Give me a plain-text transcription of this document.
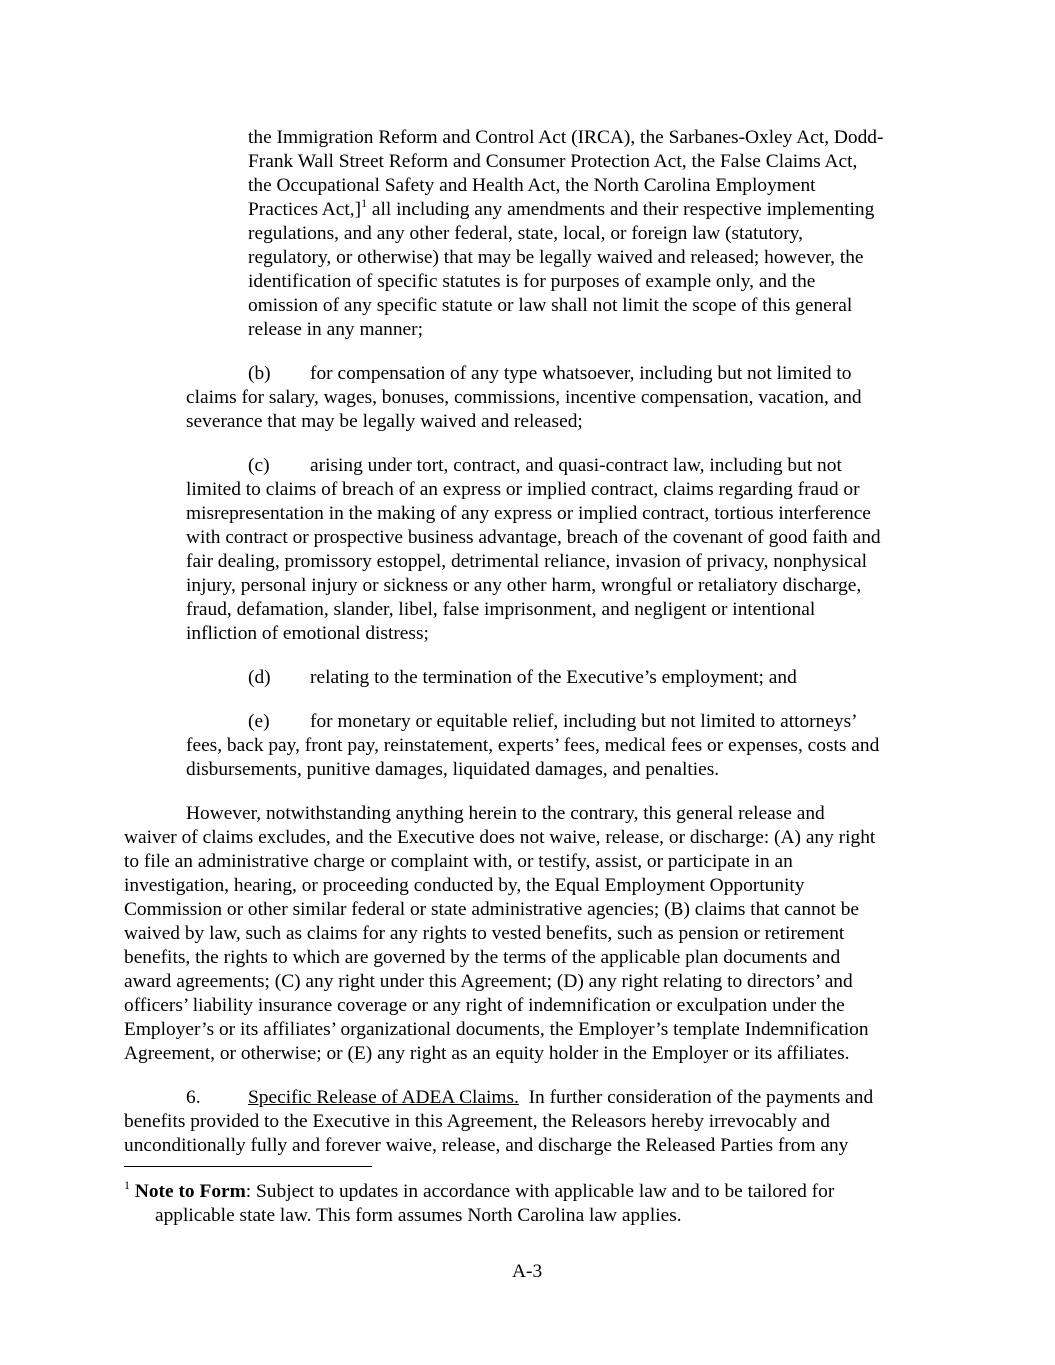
the Immigration Reform and Control Act (IRCA), the Sarbanes-Oxley Act, Dodd-
Frank Wall Street Reform and Consumer Protection Act, the False Claims Act,
the Occupational Safety and Health Act, the North Carolina Employment
Practices Act,]$^1$ all including any amendments and their respective implementing
regulations, and any other federal, state, local, or foreign law (statutory,
regulatory, or otherwise) that may be legally waived and released; however, the
identification of specific statutes is for purposes of example only, and the
omission of any specific statute or law shall not limit the scope of this general
release in any manner;
(b) for compensation of any type whatsoever, including but not limited to
claims for salary, wages, bonuses, commissions, incentive compensation, vacation, and
severance that may be legally waived and released;
(c) arising under tort, contract, and quasi-contract law, including but not
limited to claims of breach of an express or implied contract, claims regarding fraud or
misrepresentation in the making of any express or implied contract, tortious interference
with contract or prospective business advantage, breach of the covenant of good faith and
fair dealing, promissory estoppel, detrimental reliance, invasion of privacy, nonphysical
injury, personal injury or sickness or any other harm, wrongful or retaliatory discharge,
fraud, defamation, slander, libel, false imprisonment, and negligent or intentional
infliction of emotional distress;
(d) relating to the termination of the Executive’s employment; and
(e) for monetary or equitable relief, including but not limited to attorneys’
fees, back pay, front pay, reinstatement, experts’ fees, medical fees or expenses, costs and
disbursements, punitive damages, liquidated damages, and penalties.
However, notwithstanding anything herein to the contrary, this general release and
waiver of claims excludes, and the Executive does not waive, release, or discharge: (A) any right
to file an administrative charge or complaint with, or testify, assist, or participate in an
investigation, hearing, or proceeding conducted by, the Equal Employment Opportunity
Commission or other similar federal or state administrative agencies; (B) claims that cannot be
waived by law, such as claims for any rights to vested benefits, such as pension or retirement
benefits, the rights to which are governed by the terms of the applicable plan documents and
award agreements; (C) any right under this Agreement; (D) any right relating to directors’ and
officers’ liability insurance coverage or any right of indemnification or exculpation under the
Employer’s or its affiliates’ organizational documents, the Employer’s template Indemnification
Agreement, or otherwise; or (E) any right as an equity holder in the Employer or its affiliates.
6. Specific Release of ADEA Claims.  In further consideration of the payments and
benefits provided to the Executive in this Agreement, the Releasors hereby irrevocably and
unconditionally fully and forever waive, release, and discharge the Released Parties from any
$^1$ Note to Form: Subject to updates in accordance with applicable law and to be tailored for
applicable state law. This form assumes North Carolina law applies.
A-3
